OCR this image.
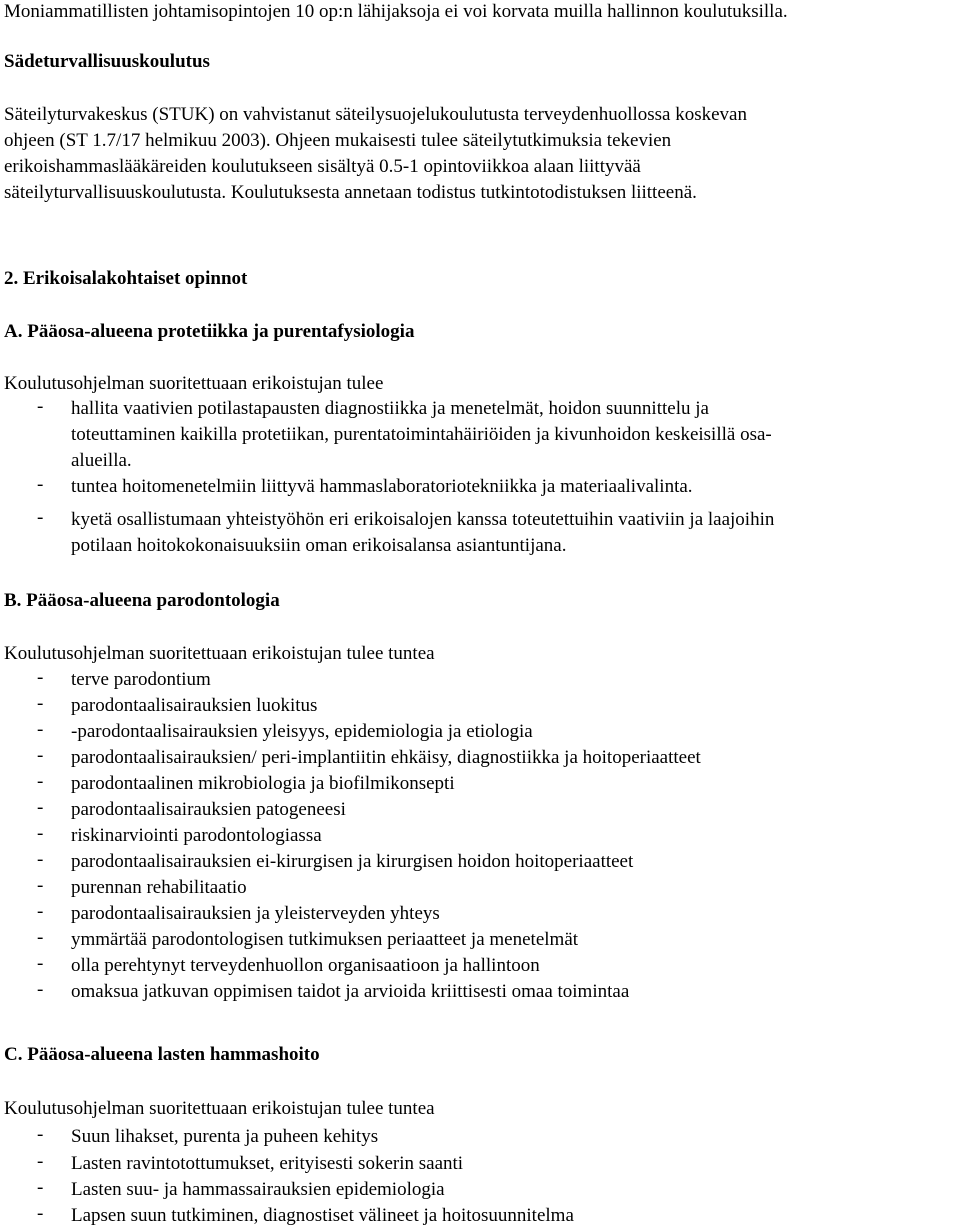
Moniammatillisten johtamisopintojen 10 op:n lähijaksoja ei voi korvata muilla hallinnon koulutuksilla.
Sädeturvallisuuskoulutus
Säteilyturvakeskus (STUK) on vahvistanut säteilysuojelukoulutusta terveydenhuollossa koskevan
ohjeen (ST 1.7/17 helmikuu 2003). Ohjeen mukaisesti tulee säteilytutkimuksia tekevien
erikoishammaslääkäreiden koulutukseen sisältyä 0.5-1 opintoviikkoa alaan liittyvää
säteilyturvallisuuskoulutusta. Koulutuksesta annetaan todistus tutkintotodistuksen liitteenä.
2. Erikoisalakohtaiset opinnot
A. Pääosa-alueena protetiikka ja purentafysiologia
Koulutusohjelman suoritettuaan erikoistujan tulee
-	hallita vaativien potilastapausten diagnostiikka ja menetelmät, hoidon suunnittelu ja
toteuttaminen kaikilla protetiikan, purentatoimintahäiriöiden ja kivunhoidon keskeisillä osa-
alueilla.
-	tuntea hoitomenetelmiin liittyvä hammaslaboratoriotekniikka ja materiaalivalinta.
-	kyetä osallistumaan yhteistyöhön eri erikoisalojen kanssa toteutettuihin vaativiin ja laajoihin
potilaan hoitokokonaisuuksiin oman erikoisalansa asiantuntijana.
B. Pääosa-alueena parodontologia
Koulutusohjelman suoritettuaan erikoistujan tulee tuntea
-	terve parodontium
-	parodontaalisairauksien luokitus
-	-parodontaalisairauksien yleisyys, epidemiologia ja etiologia
-	parodontaalisairauksien/ peri-implantiitin ehkäisy, diagnostiikka ja hoitoperiaatteet
-	parodontaalinen mikrobiologia ja biofilmikonsepti
-	parodontaalisairauksien patogeneesi
-	riskinarviointi parodontologiassa
-	parodontaalisairauksien ei-kirurgisen ja kirurgisen hoidon hoitoperiaatteet
-	purennan rehabilitaatio
-	parodontaalisairauksien ja yleisterveyden yhteys
-	ymmärtää parodontologisen tutkimuksen periaatteet ja menetelmät
-	olla perehtynyt terveydenhuollon organisaatioon ja hallintoon
-	omaksua jatkuvan oppimisen taidot ja arvioida kriittisesti omaa toimintaa
C. Pääosa-alueena lasten hammashoito
Koulutusohjelman suoritettuaan erikoistujan tulee tuntea
-	Suun lihakset, purenta ja puheen kehitys
-	Lasten ravintotottumukset, erityisesti sokerin saanti
-	Lasten suu- ja hammassairauksien epidemiologia
-	Lapsen suun tutkiminen, diagnostiset välineet ja hoitosuunnitelma
